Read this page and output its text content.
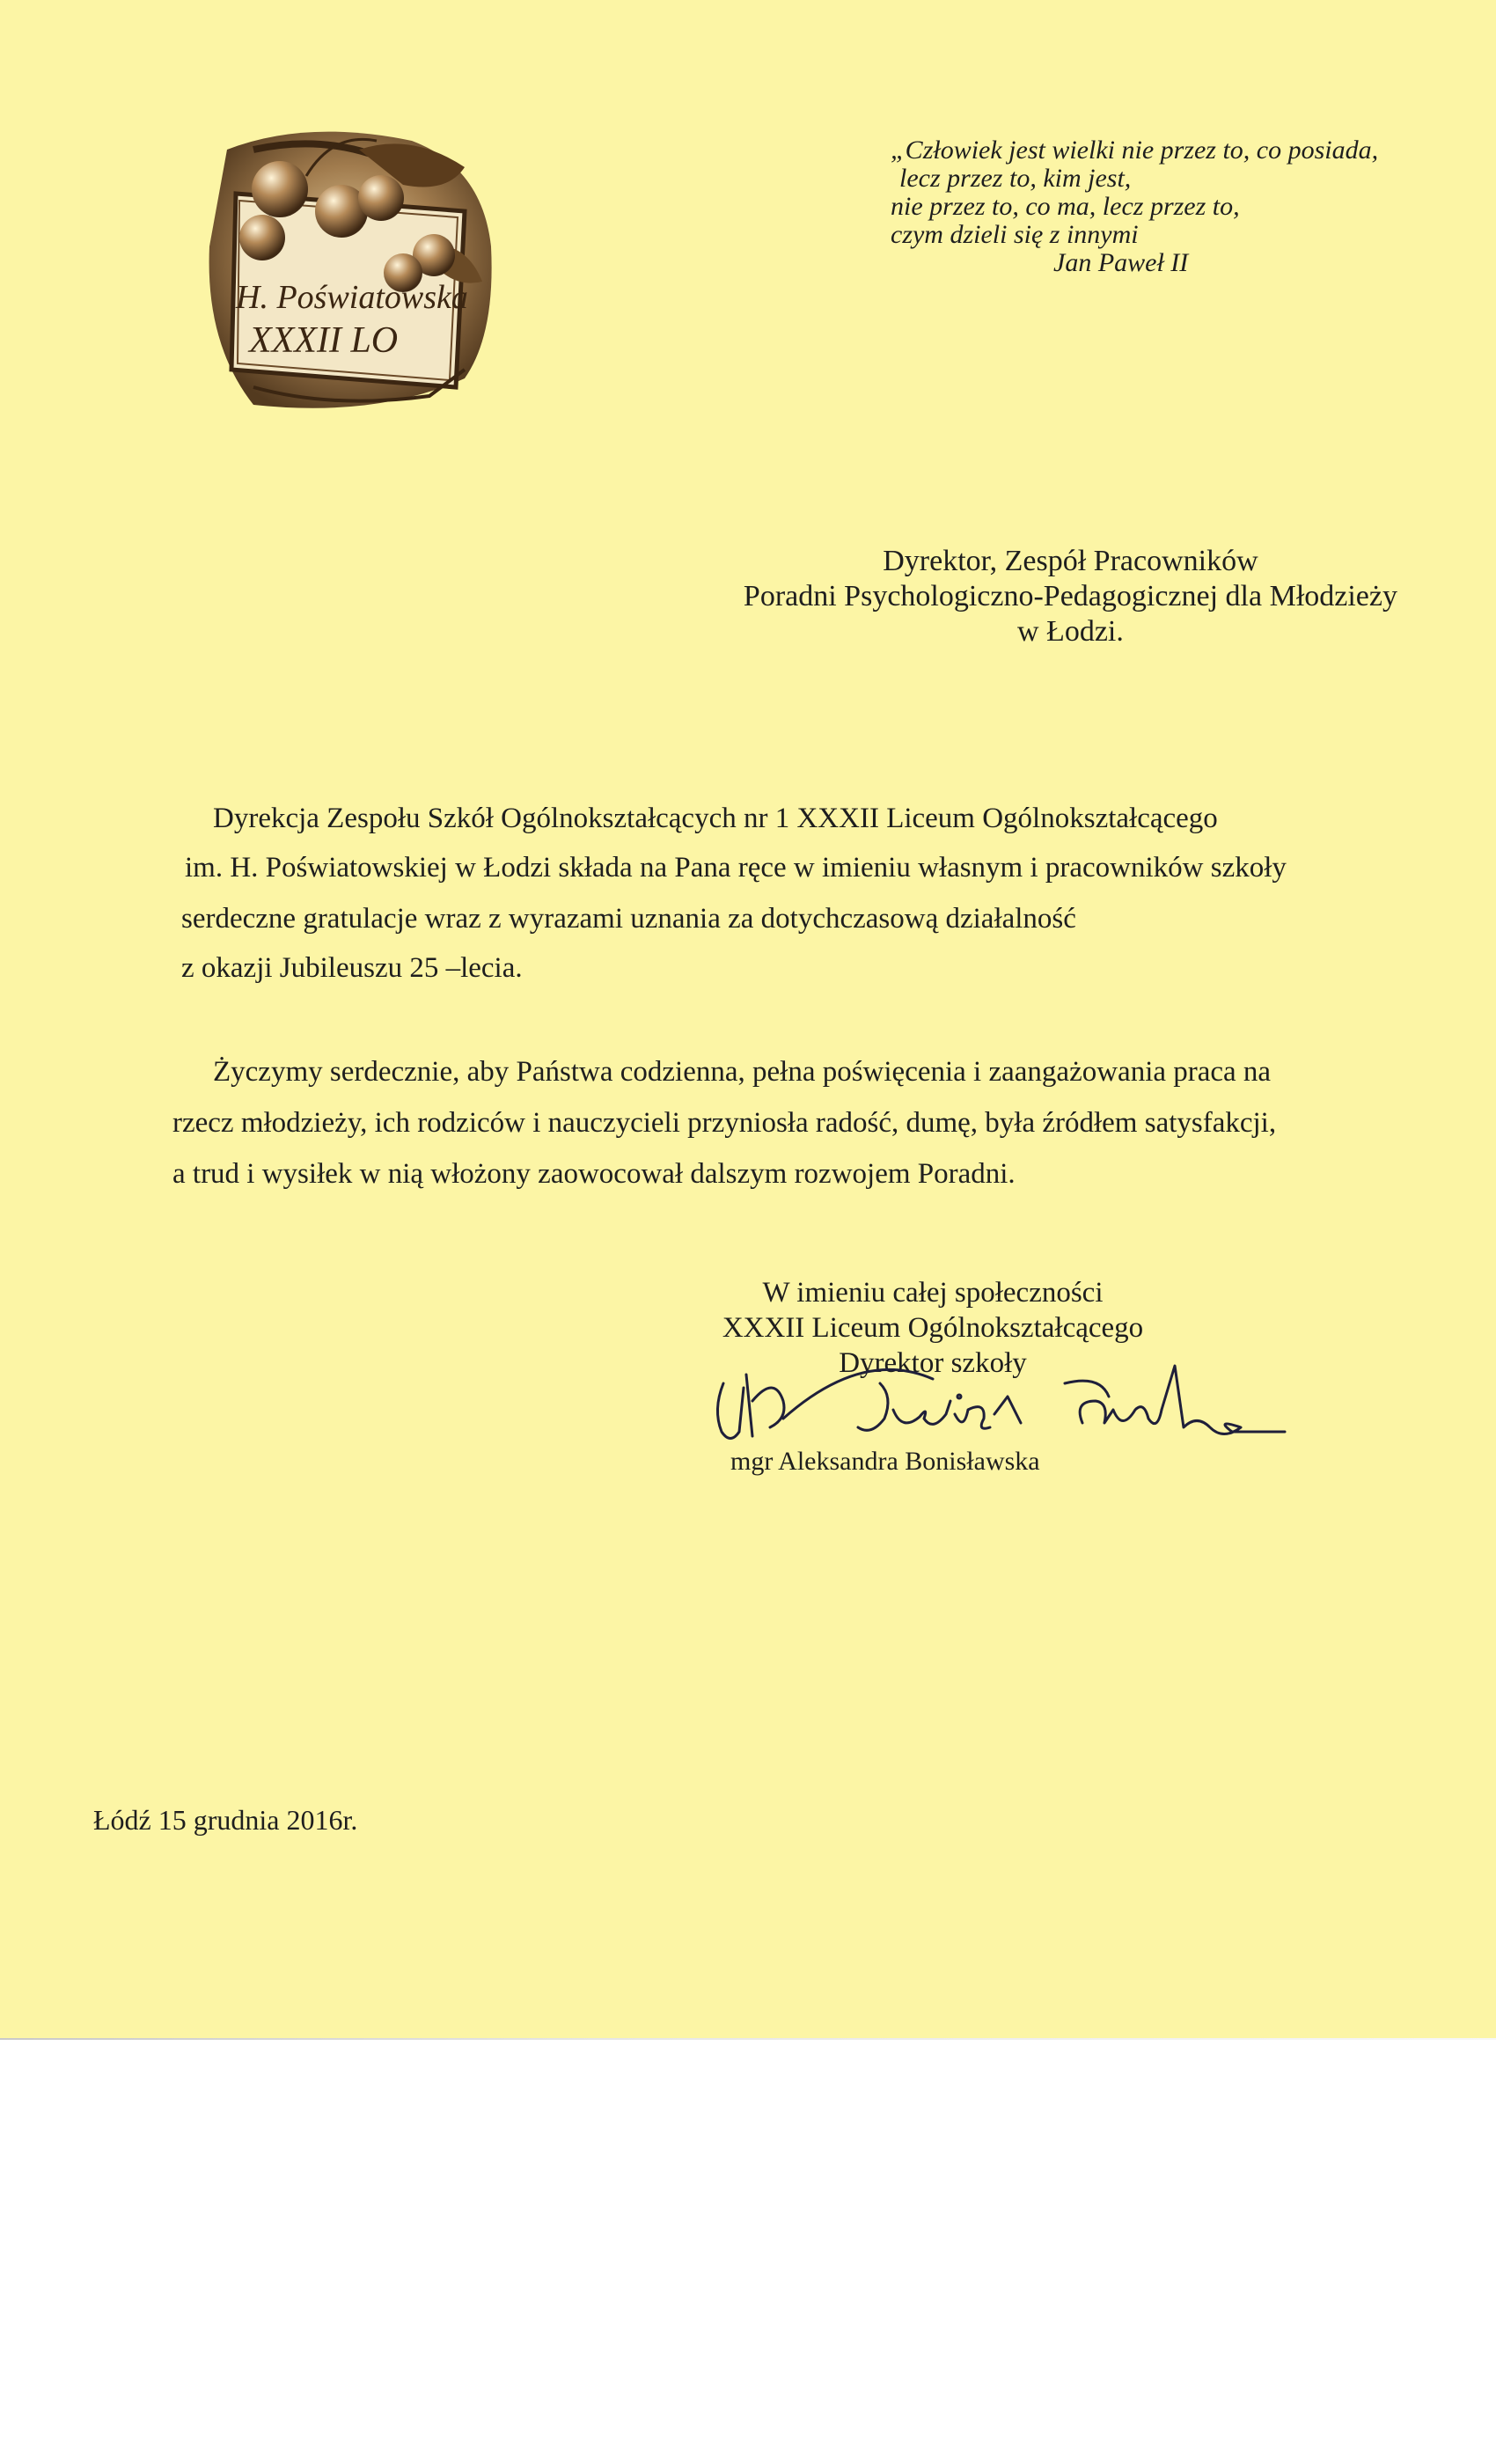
H. Poświatowska
XXXII LO
„Człowiek jest wielki nie przez to, co posiada,
lecz przez to, kim jest,
nie przez to, co ma, lecz przez to,
czym dzieli się z innymi
Jan Paweł II
Dyrektor, Zespół Pracowników
Poradni Psychologiczno-Pedagogicznej dla Młodzieży
w Łodzi.
Dyrekcja Zespołu Szkół Ogólnokształcących nr 1 XXXII Liceum Ogólnokształcącego
im. H. Poświatowskiej w Łodzi składa na Pana ręce w imieniu własnym i pracowników szkoły
serdeczne gratulacje wraz z wyrazami uznania za dotychczasową działalność
z okazji Jubileuszu 25 –lecia.
Życzymy serdecznie, aby Państwa codzienna, pełna poświęcenia i zaangażowania praca na
rzecz młodzieży, ich rodziców i nauczycieli przyniosła radość, dumę, była źródłem satysfakcji,
a trud i wysiłek w nią włożony zaowocował dalszym rozwojem Poradni.
W imieniu całej społeczności
XXXII Liceum Ogólnokształcącego
Dyrektor szkoły
mgr Aleksandra Bonisławska
Łódź 15 grudnia 2016r.
